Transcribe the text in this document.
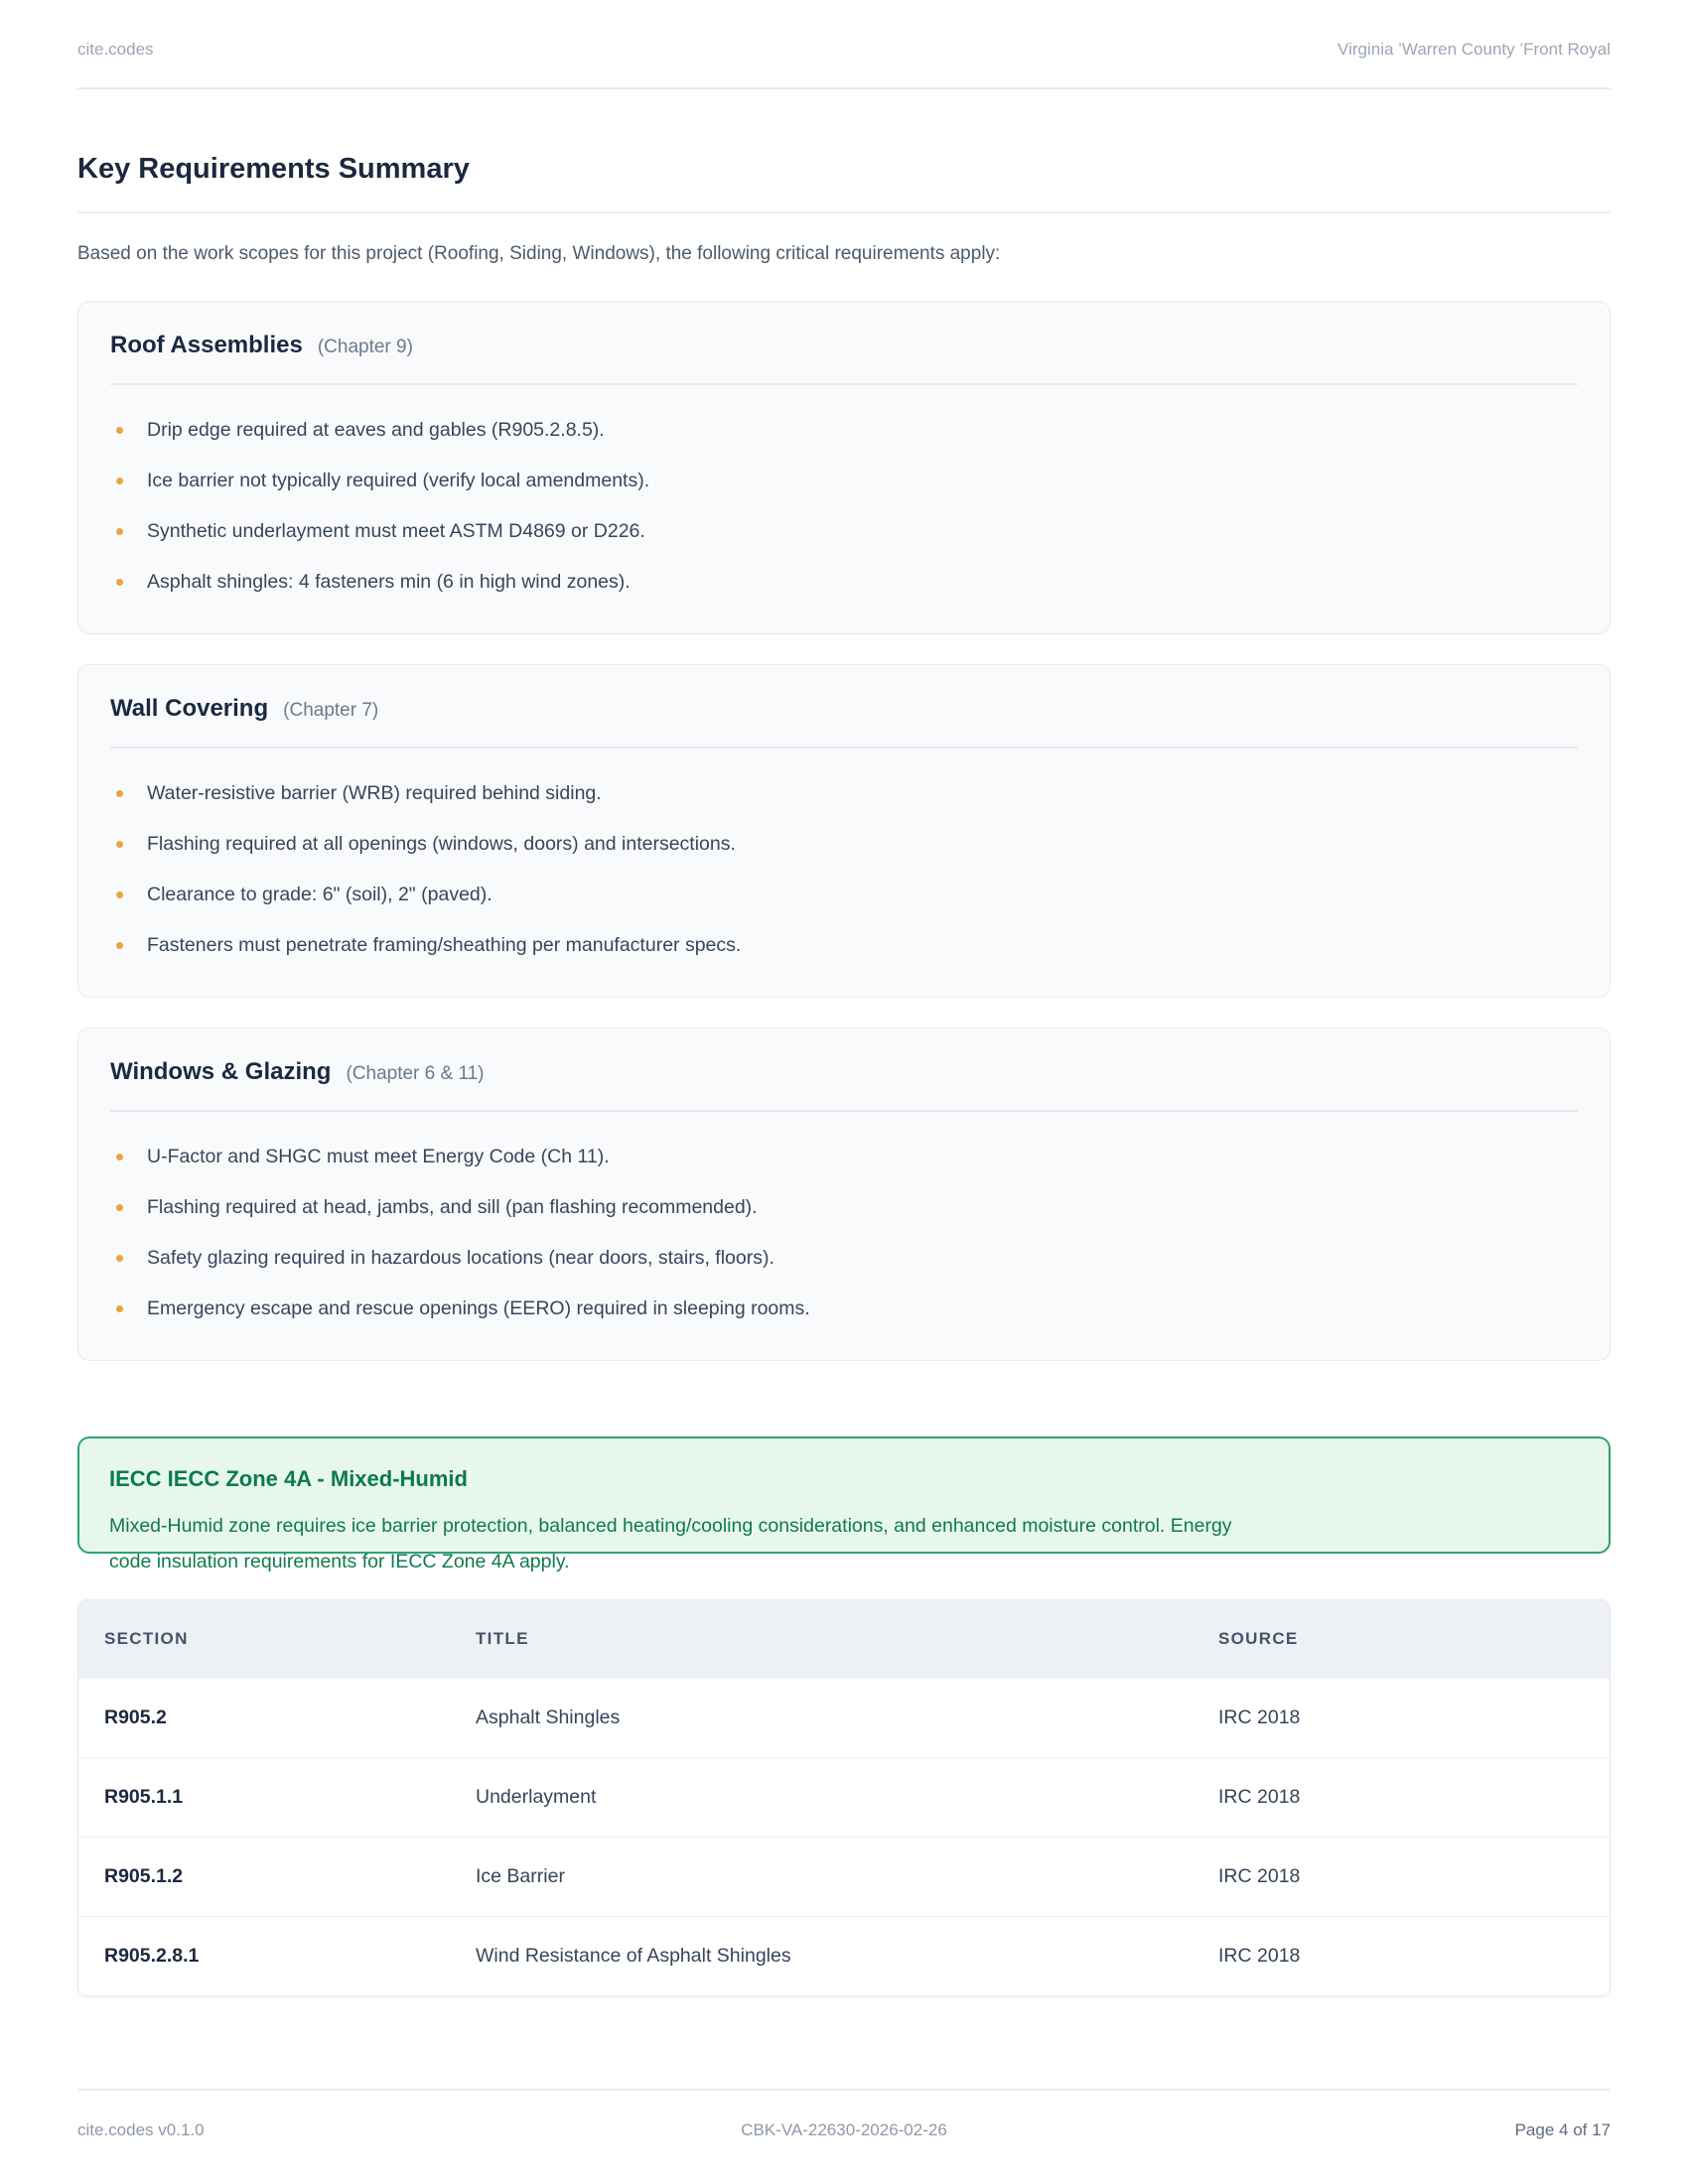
cite.codes	Virginia ’Warren County ’Front Royal
Key Requirements Summary

Based on the work scopes for this project (Roofing, Siding, Windows), the following critical requirements apply:

Roof Assemblies (Chapter 9)
Drip edge required at eaves and gables (R905.2.8.5).
Ice barrier not typically required (verify local amendments).
Synthetic underlayment must meet ASTM D4869 or D226.
Asphalt shingles: 4 fasteners min (6 in high wind zones).
Wall Covering (Chapter 7)
Water-resistive barrier (WRB) required behind siding.
Flashing required at all openings (windows, doors) and intersections.
Clearance to grade: 6" (soil), 2" (paved).
Fasteners must penetrate framing/sheathing per manufacturer specs.
Windows & Glazing (Chapter 6 & 11)
U-Factor and SHGC must meet Energy Code (Ch 11).
Flashing required at head, jambs, and sill (pan flashing recommended).
Safety glazing required in hazardous locations (near doors, stairs, floors).
Emergency escape and rescue openings (EERO) required in sleeping rooms.
IECC IECC Zone 4A - Mixed-Humid
Mixed-Humid zone requires ice barrier protection, balanced heating/cooling considerations, and enhanced moisture control. Energy
code insulation requirements for IECC Zone 4A apply.
SECTION	TITLE	SOURCE
R905.2	Asphalt Shingles	IRC 2018
R905.1.1	Underlayment	IRC 2018
R905.1.2	Ice Barrier	IRC 2018
R905.2.8.1	Wind Resistance of Asphalt Shingles	IRC 2018
cite.codes v0.1.0	CBK-VA-22630-2026-02-26	Page 4 of 17
